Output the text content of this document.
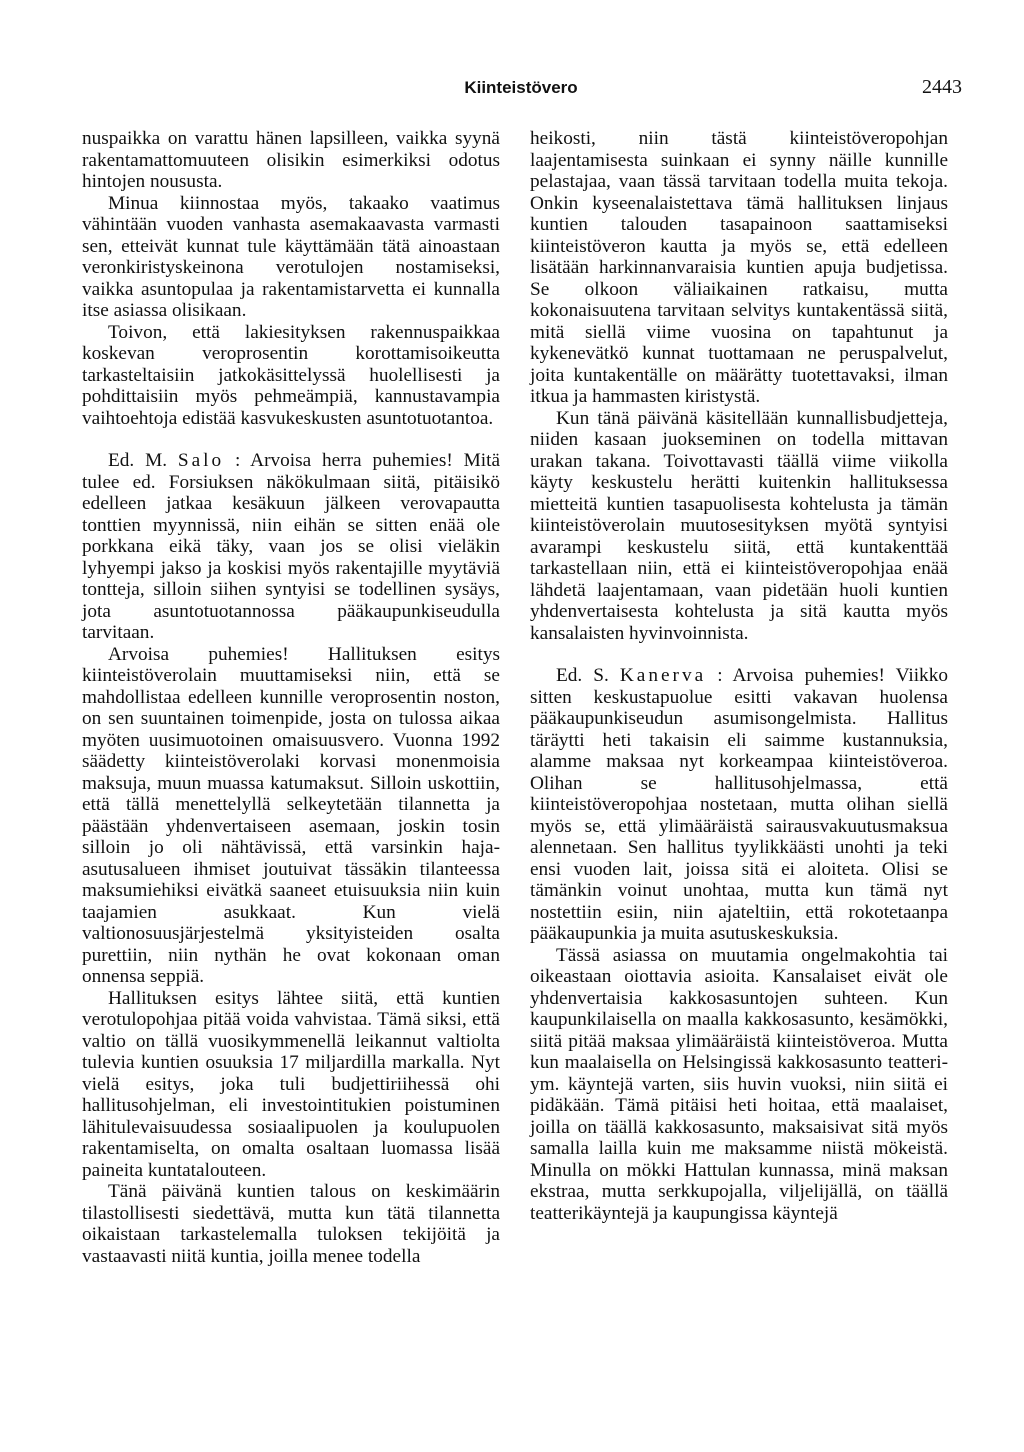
Kiinteistövero	2443

nuspaikka on varattu hänen lapsilleen, vaikka syynä rakentamattomuuteen olisikin esimerkiksi odotus hintojen noususta.

Minua kiinnostaa myös, takaako vaatimus vähintään vuoden vanhasta asemakaavasta varmasti sen, etteivät kunnat tule käyttämään tätä ainoastaan veronkiristyskeinona verotulojen nostamiseksi, vaikka asuntopulaa ja rakentamistarvetta ei kunnalla itse asiassa olisikaan.

Toivon, että lakiesityksen rakennuspaikkaa koskevan veroprosentin korottamisoikeutta tarkasteltaisiin jatkokäsittelyssä huolellisesti ja pohdittaisiin myös pehmeämpiä, kannustavampia vaihtoehtoja edistää kasvukeskusten asuntotuotantoa.

Ed. M. Salo : Arvoisa herra puhemies! Mitä tulee ed. Forsiuksen näkökulmaan siitä, pitäisikö edelleen jatkaa kesäkuun jälkeen verovapautta tonttien myynnissä, niin eihän se sitten enää ole porkkana eikä täky, vaan jos se olisi vieläkin lyhyempi jakso ja koskisi myös rakentajille myytäviä tontteja, silloin siihen syntyisi se todellinen sysäys, jota asuntotuotannossa pääkaupunkiseudulla tarvitaan.

Arvoisa puhemies! Hallituksen esitys kiinteistöverolain muuttamiseksi niin, että se mahdollistaa edelleen kunnille veroprosentin noston, on sen suuntainen toimenpide, josta on tulossa aikaa myöten uusimuotoinen omaisuusvero. Vuonna 1992 säädetty kiinteistöverolaki korvasi monenmoisia maksuja, muun muassa katumaksut. Silloin uskottiin, että tällä menettelyllä selkeytetään tilannetta ja päästään yhdenvertaiseen asemaan, joskin tosin silloin jo oli nähtävissä, että varsinkin haja-asutusalueen ihmiset joutuivat tässäkin tilanteessa maksumiehiksi eivätkä saaneet etuisuuksia niin kuin taajamien asukkaat. Kun vielä valtionosuusjärjestelmä yksityisteiden osalta purettiin, niin nythän he ovat kokonaan oman onnensa seppiä.

Hallituksen esitys lähtee siitä, että kuntien verotulopohjaa pitää voida vahvistaa. Tämä siksi, että valtio on tällä vuosikymmenellä leikannut valtiolta tulevia kuntien osuuksia 17 miljardilla markalla. Nyt vielä esitys, joka tuli budjettiriihessä ohi hallitusohjelman, eli investointitukien poistuminen lähitulevaisuudessa sosiaalipuolen ja koulupuolen rakentamiselta, on omalta osaltaan luomassa lisää paineita kuntatalouteen.

Tänä päivänä kuntien talous on keskimäärin tilastollisesti siedettävä, mutta kun tätä tilannetta oikaistaan tarkastelemalla tuloksen tekijöitä ja vastaavasti niitä kuntia, joilla menee todella

heikosti, niin tästä kiinteistöveropohjan laajentamisesta suinkaan ei synny näille kunnille pelastajaa, vaan tässä tarvitaan todella muita tekoja. Onkin kyseenalaistettava tämä hallituksen linjaus kuntien talouden tasapainoon saattamiseksi kiinteistöveron kautta ja myös se, että edelleen lisätään harkinnanvaraisia kuntien apuja budjetissa. Se olkoon väliaikainen ratkaisu, mutta kokonaisuutena tarvitaan selvitys kuntakentässä siitä, mitä siellä viime vuosina on tapahtunut ja kykenevätkö kunnat tuottamaan ne peruspalvelut, joita kuntakentälle on määrätty tuotettavaksi, ilman itkua ja hammasten kiristystä.

Kun tänä päivänä käsitellään kunnallisbudjetteja, niiden kasaan juokseminen on todella mittavan urakan takana. Toivottavasti täällä viime viikolla käyty keskustelu herätti kuitenkin hallituksessa mietteitä kuntien tasapuolisesta kohtelusta ja tämän kiinteistöverolain muutosesityksen myötä syntyisi avarampi keskustelu siitä, että kuntakenttää tarkastellaan niin, että ei kiinteistöveropohjaa enää lähdetä laajentamaan, vaan pidetään huoli kuntien yhdenvertaisesta kohtelusta ja sitä kautta myös kansalaisten hyvinvoinnista.

Ed. S. Kanerva : Arvoisa puhemies! Viikko sitten keskustapuolue esitti vakavan huolensa pääkaupunkiseudun asumisongelmista. Hallitus täräytti heti takaisin eli saimme kustannuksia, alamme maksaa nyt korkeampaa kiinteistöveroa. Olihan se hallitusohjelmassa, että kiinteistöveropohjaa nostetaan, mutta olihan siellä myös se, että ylimääräistä sairausvakuutusmaksua alennetaan. Sen hallitus tyylikkäästi unohti ja teki ensi vuoden lait, joissa sitä ei aloiteta. Olisi se tämänkin voinut unohtaa, mutta kun tämä nyt nostettiin esiin, niin ajateltiin, että rokotetaanpa pääkaupunkia ja muita asutuskeskuksia.

Tässä asiassa on muutamia ongelmakohtia tai oikeastaan oiottavia asioita. Kansalaiset eivät ole yhdenvertaisia kakkosasuntojen suhteen. Kun kaupunkilaisella on maalla kakkosasunto, kesämökki, siitä pitää maksaa ylimääräistä kiinteistöveroa. Mutta kun maalaisella on Helsingissä kakkosasunto teatteri- ym. käyntejä varten, siis huvin vuoksi, niin siitä ei pidäkään. Tämä pitäisi heti hoitaa, että maalaiset, joilla on täällä kakkosasunto, maksaisivat sitä myös samalla lailla kuin me maksamme niistä mökeistä. Minulla on mökki Hattulan kunnassa, minä maksan ekstraa, mutta serkkupojalla, viljelijällä, on täällä teatterikäyntejä ja kaupungissa käyntejä
